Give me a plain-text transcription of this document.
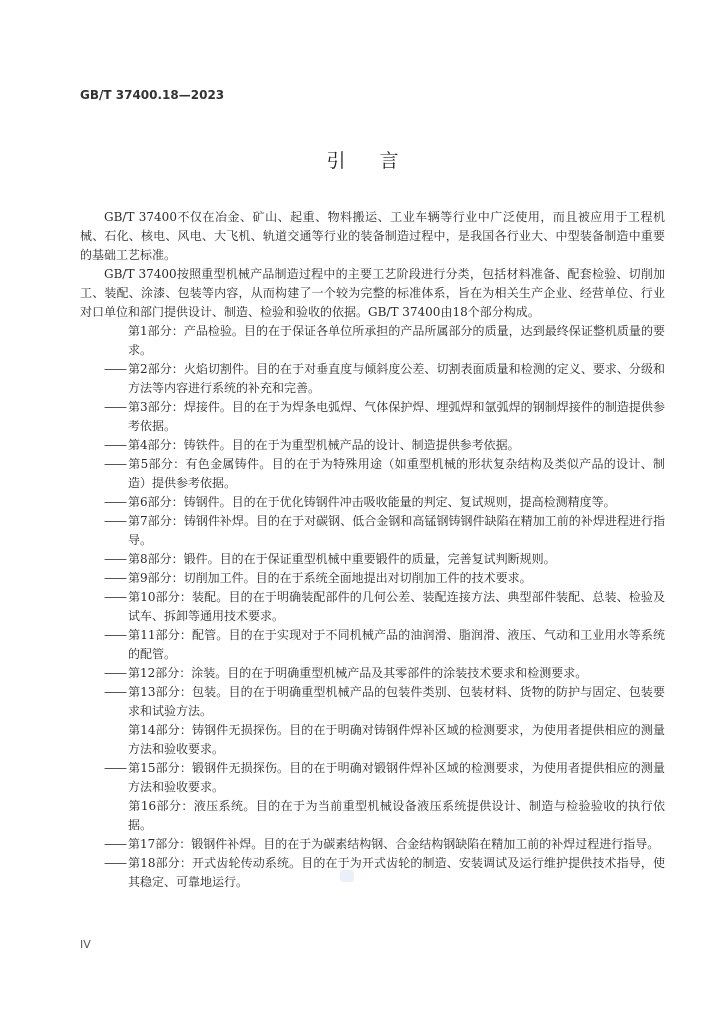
GB/T 37400.18—2023
引言

GB/T 37400不仅在冶金、矿山、起重、物料搬运、工业车辆等行业中广泛使用，而且被应用于工程机械、石化、核电、风电、大飞机、轨道交通等行业的装备制造过程中，是我国各行业大、中型装备制造中重要的基础工艺标准。

GB/T 37400按照重型机械产品制造过程中的主要工艺阶段进行分类，包括材料准备、配套检验、切削加工、装配、涂漆、包装等内容，从而构建了一个较为完整的标准体系，旨在为相关生产企业、经营单位、行业对口单位和部门提供设计、制造、检验和验收的依据。GB/T 37400由18个部分构成。

第1部分：产品检验。目的在于保证各单位所承担的产品所属部分的质量，达到最终保证整机质量的要求。

—— 第2部分：火焰切割件。目的在于对垂直度与倾斜度公差、切割表面质量和检测的定义、要求、分级和方法等内容进行系统的补充和完善。

—— 第3部分：焊接件。目的在于为焊条电弧焊、气体保护焊、埋弧焊和氩弧焊的钢制焊接件的制造提供参考依据。

—— 第4部分：铸铁件。目的在于为重型机械产品的设计、制造提供参考依据。

—— 第5部分：有色金属铸件。目的在于为特殊用途（如重型机械的形状复杂结构及类似产品的设计、制造）提供参考依据。

—— 第6部分：铸钢件。目的在于优化铸钢件冲击吸收能量的判定、复试规则，提高检测精度等。

—— 第7部分：铸钢件补焊。目的在于对碳钢、低合金钢和高锰钢铸钢件缺陷在精加工前的补焊进程进行指导。

—— 第8部分：锻件。目的在于保证重型机械中重要锻件的质量，完善复试判断规则。

—— 第9部分：切削加工件。目的在于系统全面地提出对切削加工件的技术要求。

—— 第10部分：装配。目的在于明确装配部件的几何公差、装配连接方法、典型部件装配、总装、检验及试车、拆卸等通用技术要求。

—— 第11部分：配管。目的在于实现对于不同机械产品的油润滑、脂润滑、液压、气动和工业用水等系统的配管。

—— 第12部分：涂装。目的在于明确重型机械产品及其零部件的涂装技术要求和检测要求。

—— 第13部分：包装。目的在于明确重型机械产品的包装件类别、包装材料、货物的防护与固定、包装要求和试验方法。

第14部分：铸钢件无损探伤。目的在于明确对铸钢件焊补区域的检测要求，为使用者提供相应的测量方法和验收要求。

—— 第15部分：锻钢件无损探伤。目的在于明确对锻钢件焊补区域的检测要求，为使用者提供相应的测量方法和验收要求。

第16部分：液压系统。目的在于为当前重型机械设备液压系统提供设计、制造与检验验收的执行依据。

—— 第17部分：锻钢件补焊。目的在于为碳素结构钢、合金结构钢缺陷在精加工前的补焊过程进行指导。

—— 第18部分：开式齿轮传动系统。目的在于为开式齿轮的制造、安装调试及运行维护提供技术指导，使其稳定、可靠地运行。

IV
